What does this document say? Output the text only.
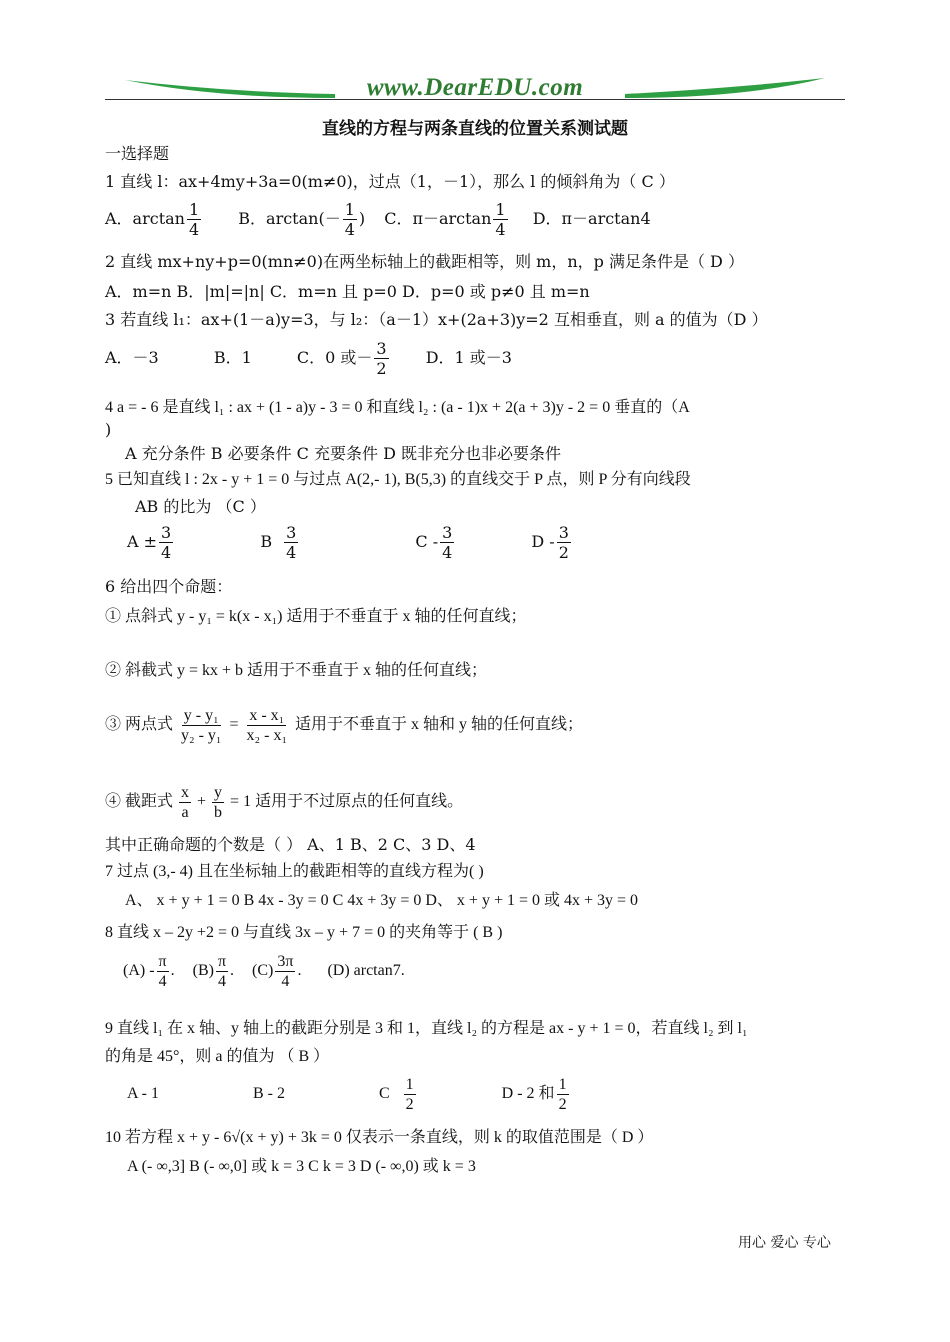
www.DearEDU.com
直线的方程与两条直线的位置关系测试题
一选择题
1 直线 l：ax+4my+3a=0(m≠0)，过点（1，－1），那么 l 的倾斜角为（ C ）
A．$\arctan \frac{1}{4}$ B．$\arctan(- \frac{1}{4}$ ) C．$\pi-\arctan \frac{1}{4}$ D．π－arctan4
2 直线 mx+ny+p=0(mn≠0)在两坐标轴上的截距相等，则 m，n，p 满足条件是（ D ）
A．m=n B．|m|=|n| C．m=n 且 p=0 D．p=0 或 p≠0 且 m=n
3 若直线 l₁：ax+(1－a)y=3，与 l₂：（a－1）x+(2a+3)y=2 互相垂直，则 a 的值为（D ）
A．－3	B．1	C．0 或－ $\frac{3}{2}$ D．1 或－3
4 a = - 6 是直线 l₁ : ax + (1 - a)y - 3 = 0 和直线 l₂ : (a - 1)x + 2(a + 3)y - 2 = 0 垂直的（A
)
A 充分条件 B 必要条件 C 充要条件 D 既非充分也非必要条件
5 已知直线 l : 2x - y + 1 = 0 与过点 A(2,- 1), B(5,3) 的直线交于 P 点，则 P 分有向线段
AB 的比为 （C ）
$A \pm \frac{3}{4}$	B $\frac{3}{4}$	C - $\frac{3}{4}$	D - $\frac{3}{2}$
6 给出四个命题：
① 点斜式 y - y₁ = k(x - x₁) 适用于不垂直于 x 轴的任何直线；
② 斜截式 y = kx + b 适用于不垂直于 x 轴的任何直线；
③ 两点式 $\frac{\text{y - y₁}}{\text{y₂ - y₁}} = \frac{\text{x - x₁}}{\text{x₂ - x₁}}$ 适用于不垂直于 x 轴和 y 轴的任何直线；
④ 截距式 $\frac{x}{a} + \frac{y}{b} = 1$ 适用于不过原点的任何直线。
其中正确命题的个数是（ ） A、1 B、2 C、3 D、4
7 过点 (3,- 4) 且在坐标轴上的截距相等的直线方程为( )
A、 x + y + 1 = 0 B 4x - 3y = 0 C 4x + 3y = 0 D、 x + y + 1 = 0 或 4x + 3y = 0
8 直线 x – 2y +2 = 0 与直线 3x – y + 7 = 0 的夹角等于 ( B )
$(A) - \frac{\pi}{4}$ . $(B) \frac{\pi}{4}$ . $(C) \frac{3\pi}{4}$ . (D) arctan7.
9 直线 l₁ 在 x 轴、y 轴上的截距分别是 3 和 1，直线 l₂ 的方程是 ax - y + 1 = 0，若直线 l₂ 到 l₁
的角是 45°，则 a 的值为 （ B ）
A - 1	B - 2	C $\frac{1}{2}$	D - 2 和 $\frac{1}{2}$
10 若方程 x + y - 6√(x + y) + 3k = 0 仅表示一条直线，则 k 的取值范围是（ D ）
A (- ∞,3] B (- ∞,0] 或 k = 3 C k = 3 D (- ∞,0) 或 k = 3
用心 爱心 专心
